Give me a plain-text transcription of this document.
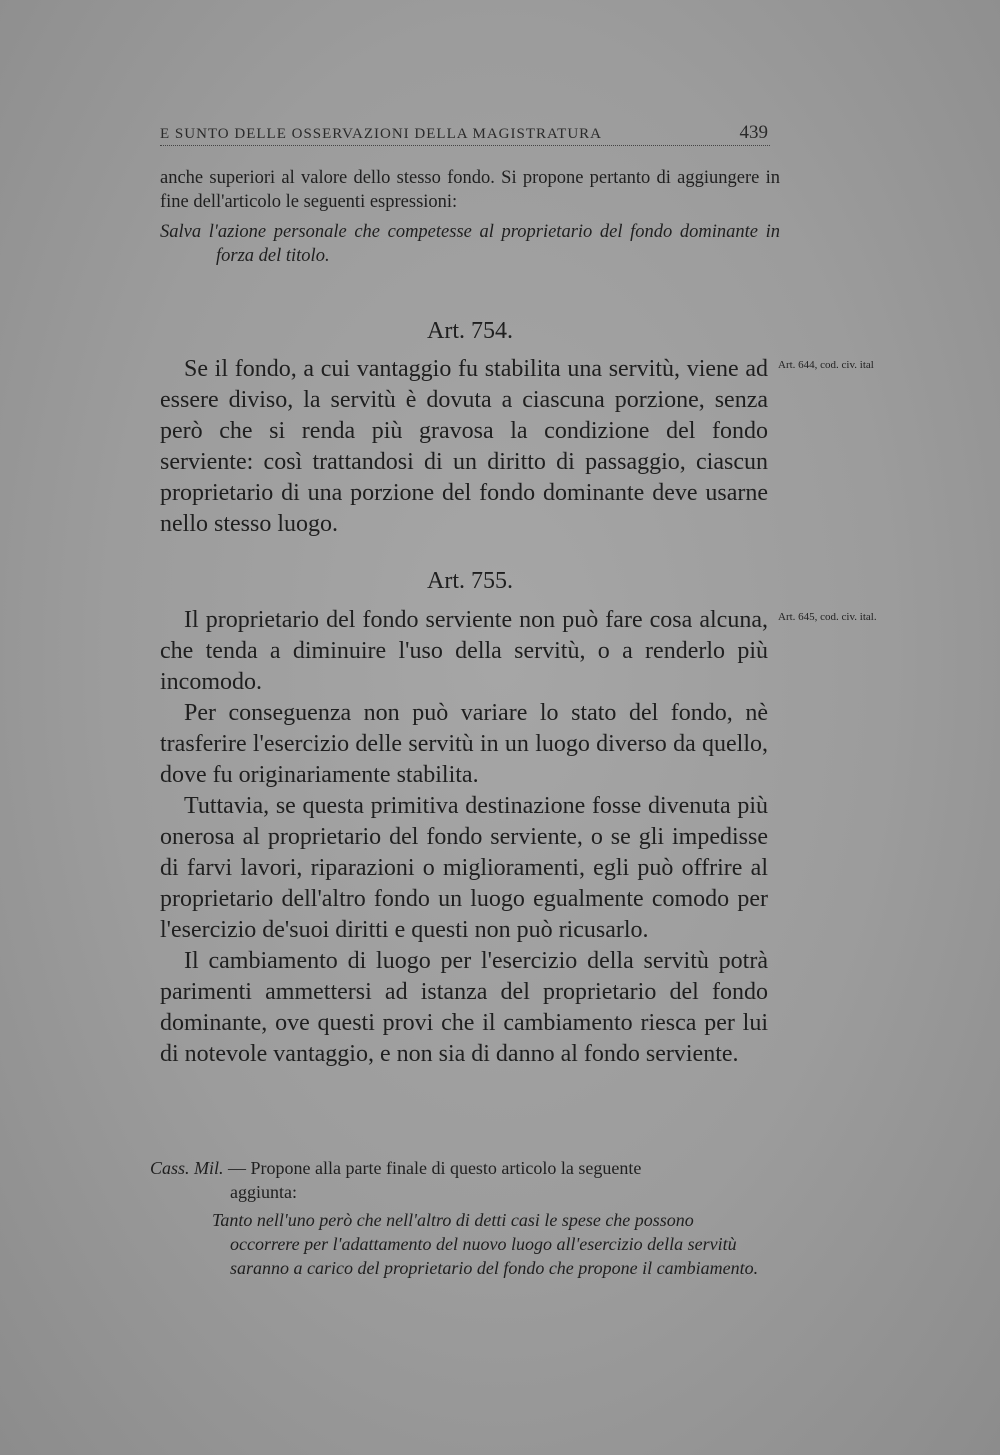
E SUNTO DELLE OSSERVAZIONI DELLA MAGISTRATURA	439

anche superiori al valore dello stesso fondo. Si propone pertanto di aggiungere in fine dell'articolo le seguenti espressioni:

Salva l'azione personale che competesse al proprietario del fondo dominante in forza del titolo.

Art. 754.
Art. 644, cod. civ. ital

Se il fondo, a cui vantaggio fu stabilita una servitù, viene ad essere diviso, la servitù è dovuta a ciascuna porzione, senza però che si renda più gravosa la condizione del fondo serviente: così trattandosi di un diritto di passaggio, ciascun proprietario di una porzione del fondo dominante deve usarne nello stesso luogo.

Art. 755.
Art. 645, cod. civ. ital.

Il proprietario del fondo serviente non può fare cosa alcuna, che tenda a diminuire l'uso della servitù, o a renderlo più incomodo.

Per conseguenza non può variare lo stato del fondo, nè trasferire l'esercizio delle servitù in un luogo diverso da quello, dove fu originariamente stabilita.

Tuttavia, se questa primitiva destinazione fosse divenuta più onerosa al proprietario del fondo serviente, o se gli impedisse di farvi lavori, riparazioni o miglioramenti, egli può offrire al proprietario dell'altro fondo un luogo egualmente comodo per l'esercizio de'suoi diritti e questi non può ricusarlo.

Il cambiamento di luogo per l'esercizio della servitù potrà parimenti ammettersi ad istanza del proprietario del fondo dominante, ove questi provi che il cambiamento riesca per lui di notevole vantaggio, e non sia di danno al fondo serviente.

Cass. Mil. — Propone alla parte finale di questo articolo la seguente

aggiunta:

Tanto nell'uno però che nell'altro di detti casi le spese che possono occorrere per l'adattamento del nuovo luogo all'esercizio della servitù saranno a carico del proprietario del fondo che propone il cambiamento.
